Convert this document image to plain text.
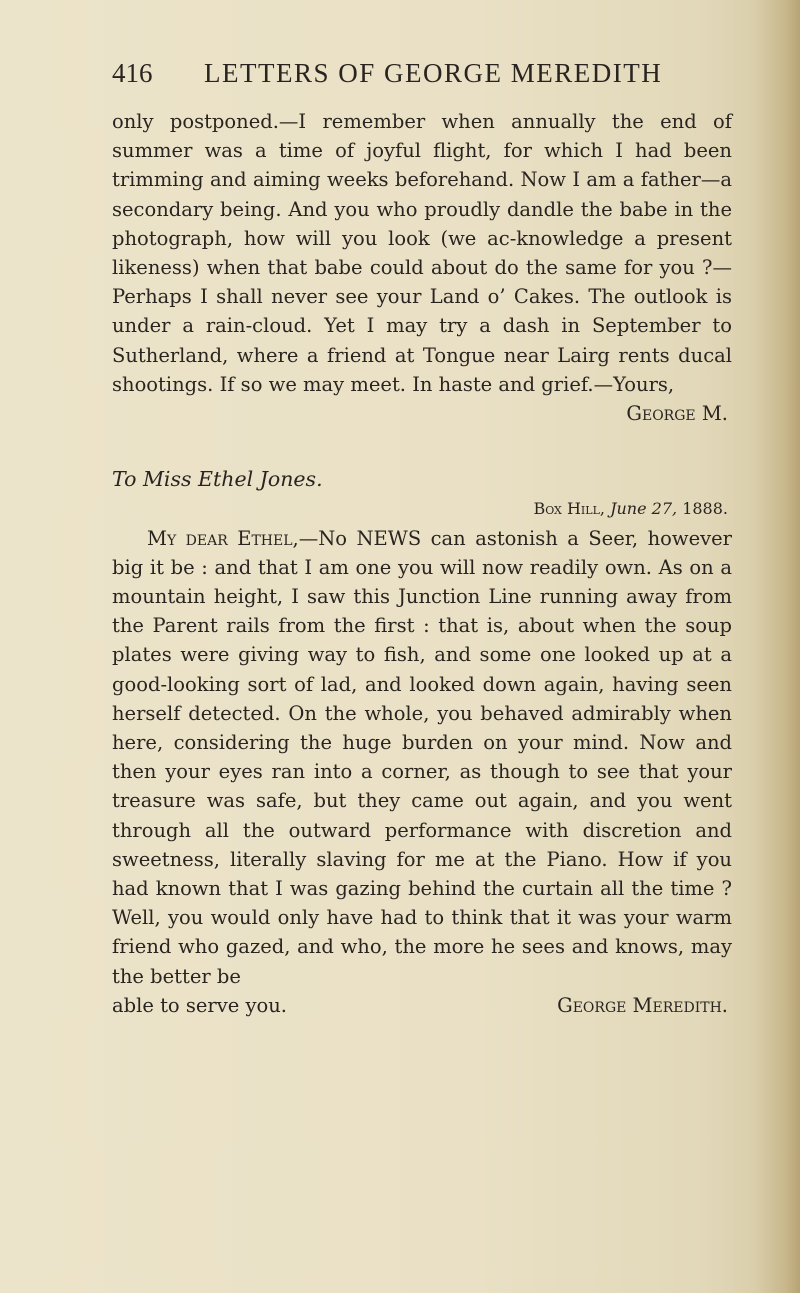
416 LETTERS OF GEORGE MEREDITH

only postponed.—I remember when annually the end of summer was a time of joyful flight, for which I had been trimming and aiming weeks beforehand. Now I am a father—a secondary being. And you who proudly dandle the babe in the photograph, how will you look (we ac-knowledge a present likeness) when that babe could about do the same for you ?—Perhaps I shall never see your Land o’ Cakes. The outlook is under a rain-cloud. Yet I may try a dash in September to Sutherland, where a friend at Tongue near Lairg rents ducal shootings. If so we may meet. In haste and grief.—Yours,

George M.

To Miss Ethel Jones.

Box Hill, June 27, 1888.

My dear Ethel,—No NEWS can astonish a Seer, however big it be : and that I am one you will now readily own. As on a mountain height, I saw this Junction Line running away from the Parent rails from the first : that is, about when the soup plates were giving way to fish, and some one looked up at a good-looking sort of lad, and looked down again, having seen herself detected. On the whole, you behaved admirably when here, considering the huge burden on your mind. Now and then your eyes ran into a corner, as though to see that your treasure was safe, but they came out again, and you went through all the outward performance with discretion and sweetness, literally slaving for me at the Piano. How if you had known that I was gazing behind the curtain all the time ? Well, you would only have had to think that it was your warm friend who gazed, and who, the more he sees and knows, may the better be

able to serve you.	George Meredith.
